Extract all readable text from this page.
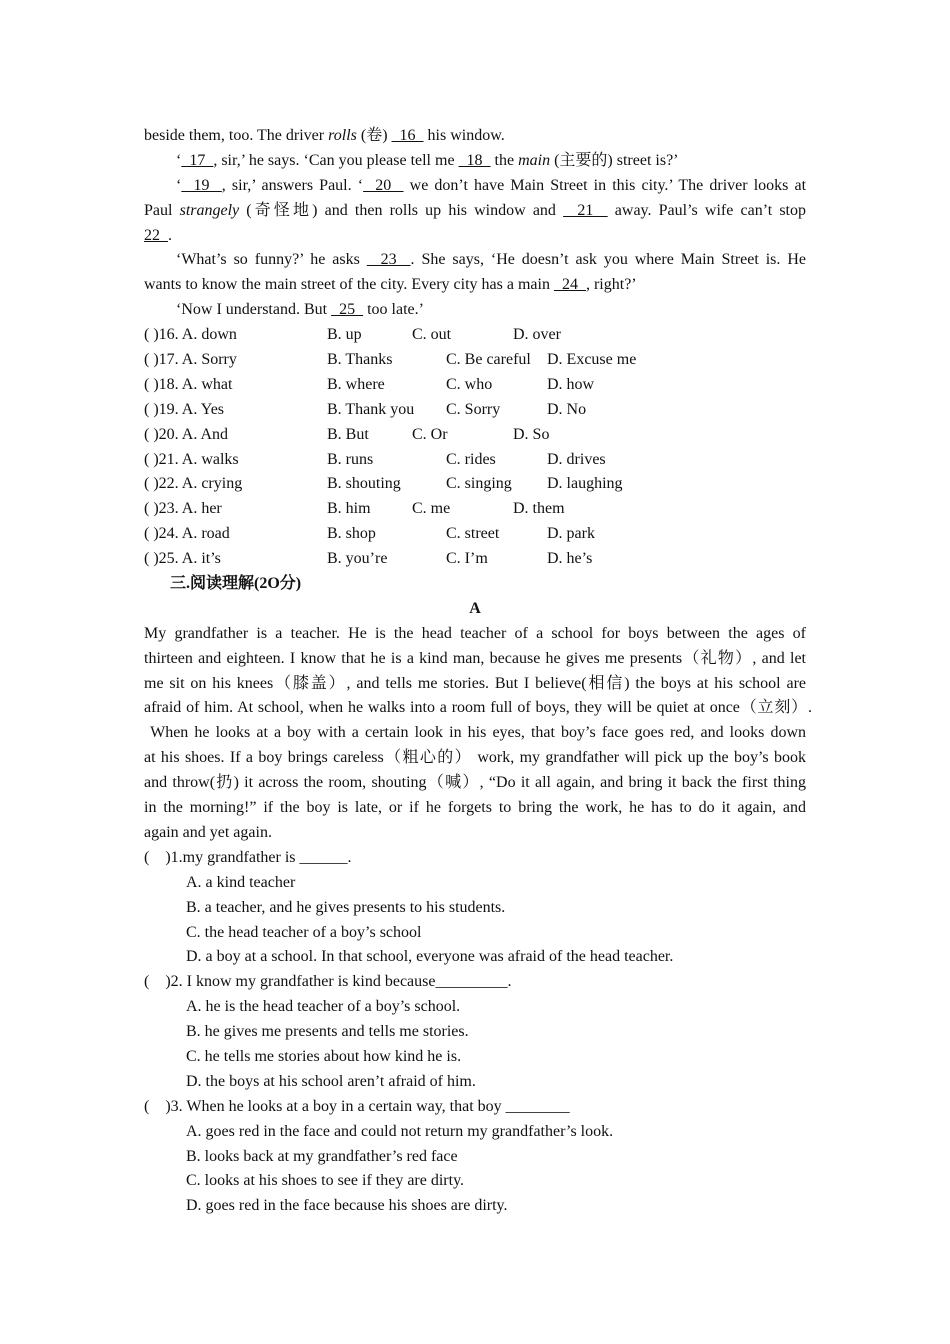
beside them, too. The driver rolls (卷)   16   his window.
‘  17  , sir,’ he says. ‘Can you please tell me   18   the main (主要的) street is?’
‘  19  , sir,’ answers Paul. ‘  20   we don’t have Main Street in this city.’ The driver looks at
Paul strangely (奇怪地) and then rolls up his window and   21   away. Paul’s wife can’t stop
22  .
‘What’s so funny?’ he asks   23  . She says, ‘He doesn’t ask you where Main Street is. He
wants to know the main street of the city. Every city has a main   24  , right?’
‘Now I understand. But   25   too late.’
( )16. A. down	B. up	C. out	D. over
( )17. A. Sorry	B. Thanks	C. Be careful D. Excuse me
( )18. A. what	B. where	C. who	D. how
( )19. A. Yes	B. Thank you C. Sorry	D. No
( )20. A. And	B. But	C. Or	D. So
( )21. A. walks	B. runs	C. rides	D. drives
( )22. A. crying	B. shouting	C. singing D. laughing
( )23. A. her	B. him	C. me	D. them
( )24. A. road	B. shop	C. street	D. park
( )25. A. it’s	B. you’re	C. I’m	D. he’s
三.阅读理解(2O分)
A
My grandfather is a teacher. He is the head teacher of a school for boys between the ages of
thirteen and eighteen. I know that he is a kind man, because he gives me presents（礼物）, and let
me sit on his knees（膝盖）, and tells me stories. But I believe(相信) the boys at his school are
afraid of him. At school, when he walks into a room full of boys, they will be quiet at once（立刻）.
When he looks at a boy with a certain look in his eyes, that boy’s face goes red, and looks down
at his shoes. If a boy brings careless（粗心的） work, my grandfather will pick up the boy’s book
and throw(扔) it across the room, shouting（喊）, “Do it all again, and bring it back the first thing
in the morning!” if the boy is late, or if he forgets to bring the work, he has to do it again, and
again and yet again.
(    )1.my grandfather is ______.
A. a kind teacher
B. a teacher, and he gives presents to his students.
C. the head teacher of a boy’s school
D. a boy at a school. In that school, everyone was afraid of the head teacher.
(    )2. I know my grandfather is kind because_________.
A. he is the head teacher of a boy’s school.
B. he gives me presents and tells me stories.
C. he tells me stories about how kind he is.
D. the boys at his school aren’t afraid of him.
(    )3. When he looks at a boy in a certain way, that boy ________
A. goes red in the face and could not return my grandfather’s look.
B. looks back at my grandfather’s red face
C. looks at his shoes to see if they are dirty.
D. goes red in the face because his shoes are dirty.
